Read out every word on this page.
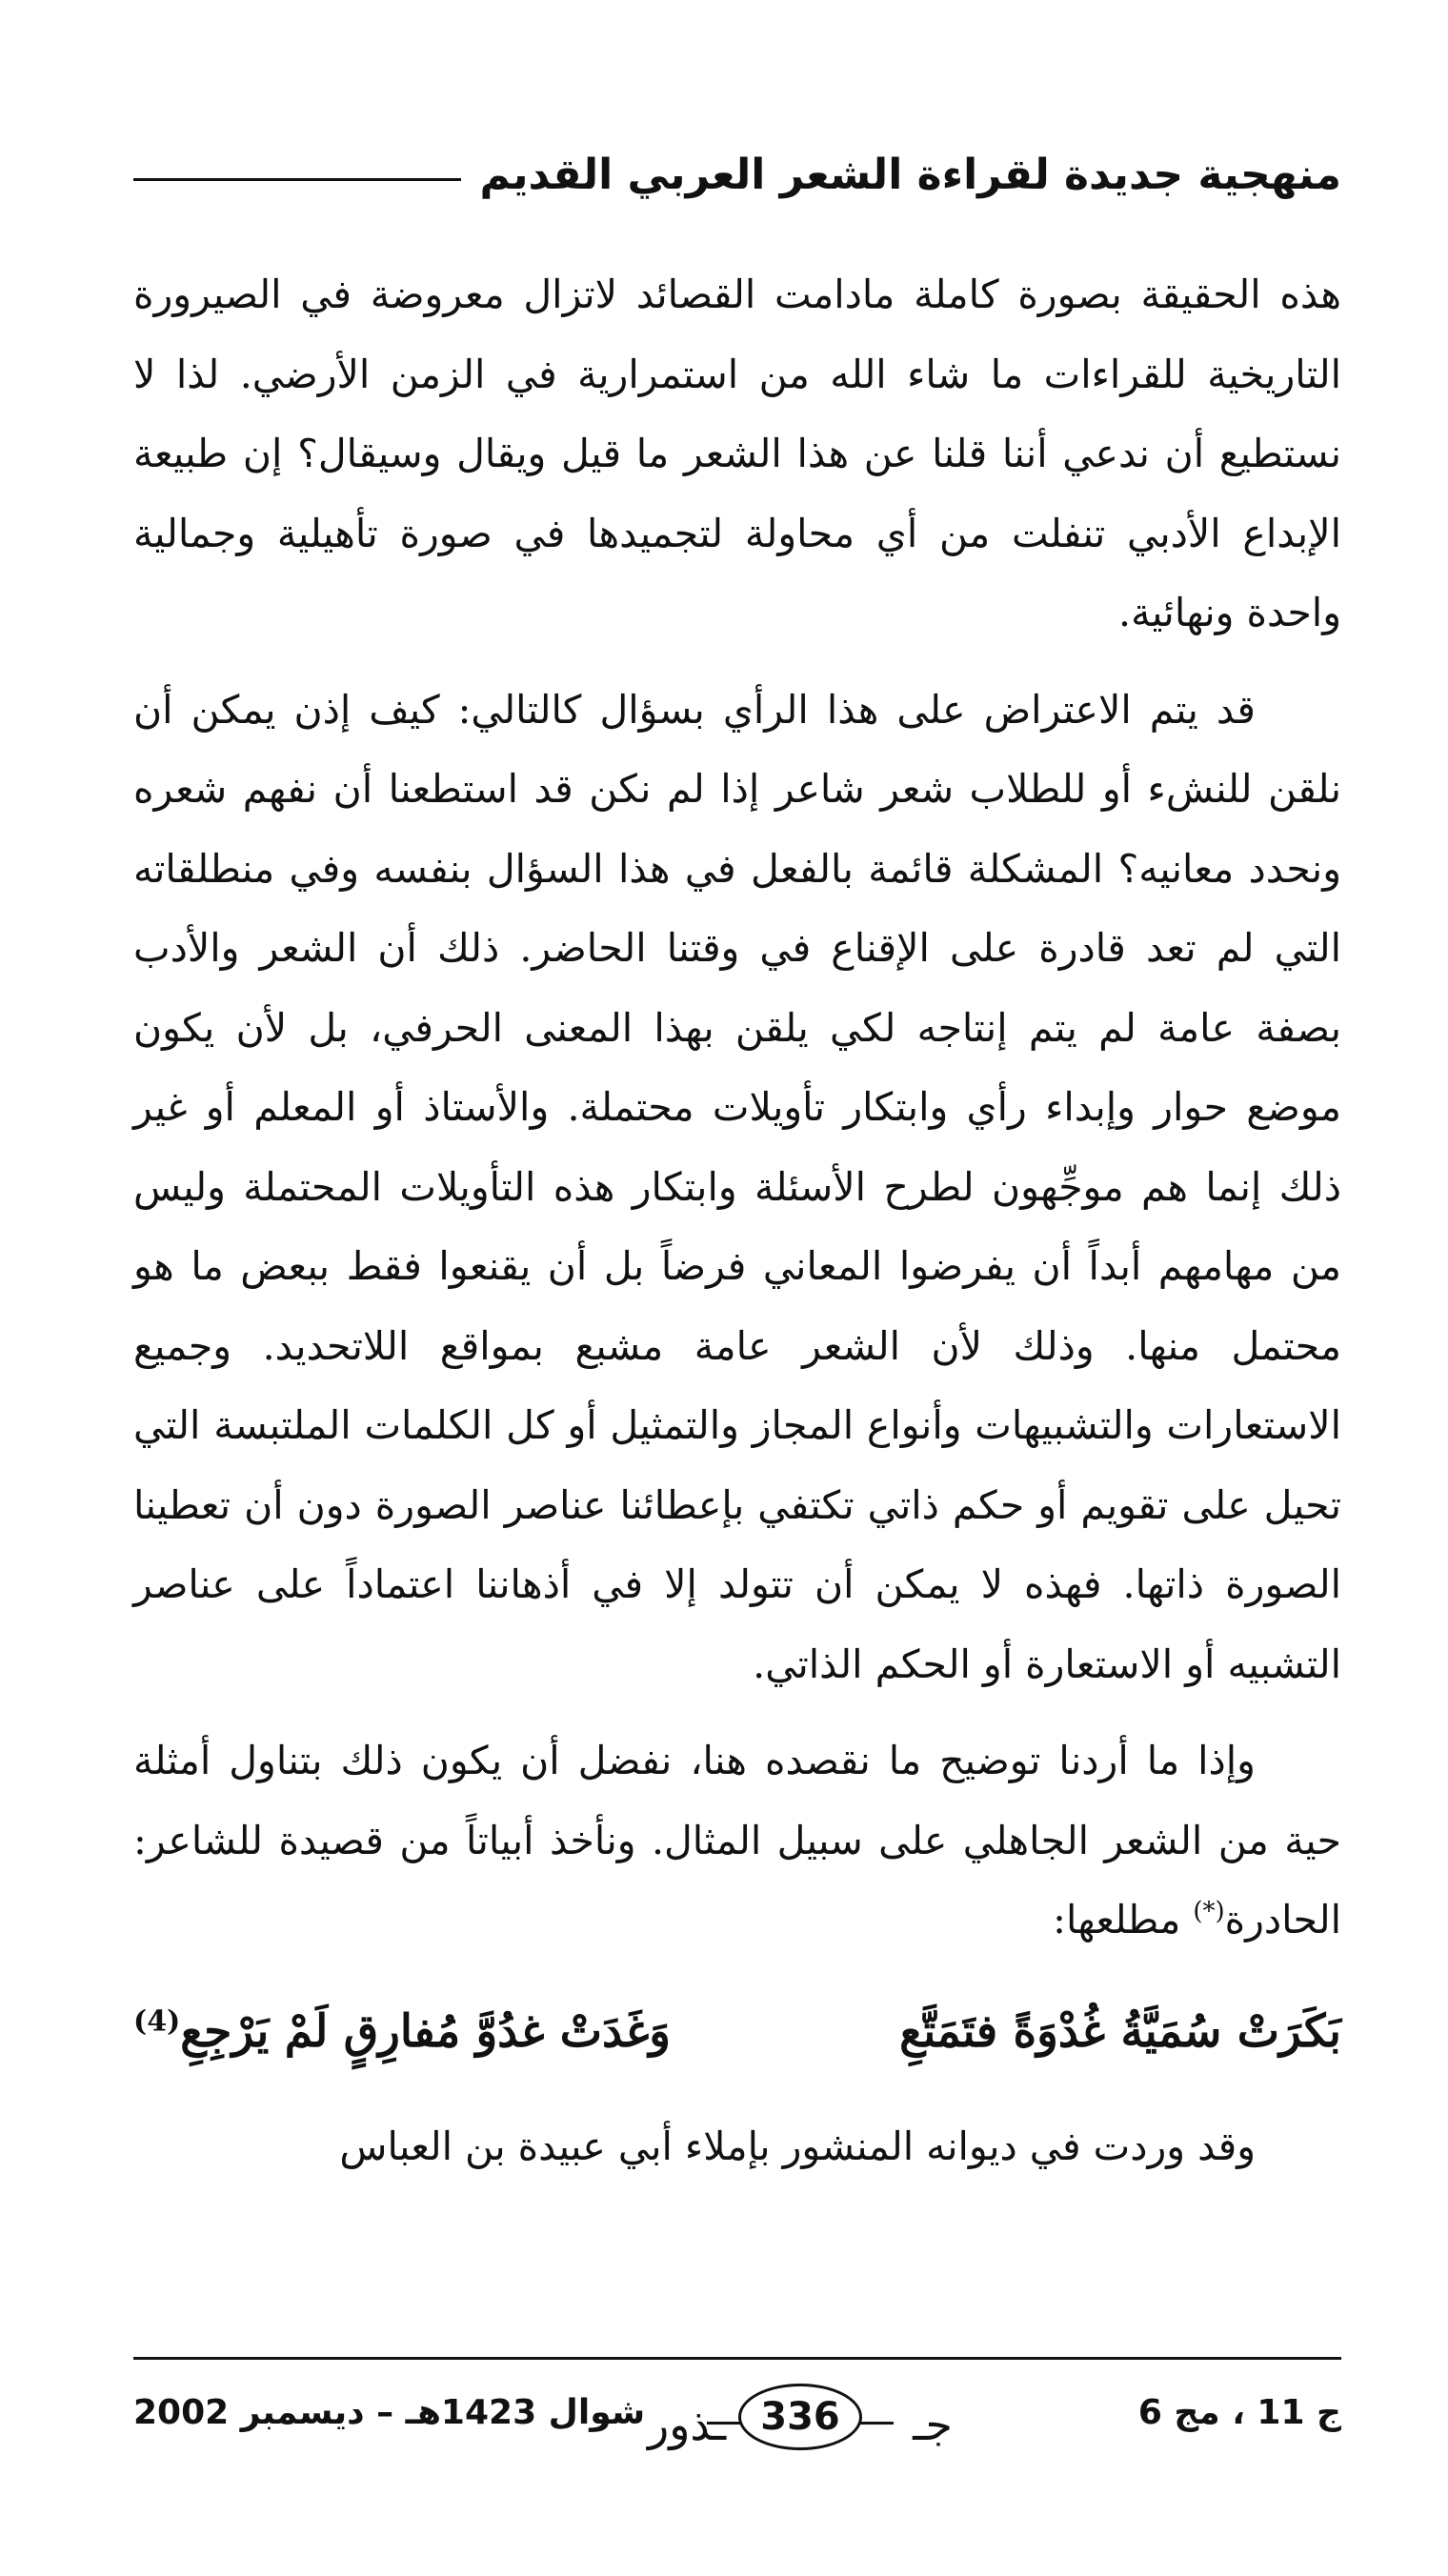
منهجية جديدة لقراءة الشعر العربي القديم

هذه الحقيقة بصورة كاملة مادامت القصائد لاتزال معروضة في الصيرورة التاريخية للقراءات ما شاء الله من استمرارية في الزمن الأرضي. لذا لا نستطيع أن ندعي أننا قلنا عن هذا الشعر ما قيل ويقال وسيقال؟ إن طبيعة الإبداع الأدبي تنفلت من أي محاولة لتجميدها في صورة تأهيلية وجمالية واحدة ونهائية.

قد يتم الاعتراض على هذا الرأي بسؤال كالتالي: كيف إذن يمكن أن نلقن للنشء أو للطلاب شعر شاعر إذا لم نكن قد استطعنا أن نفهم شعره ونحدد معانيه؟ المشكلة قائمة بالفعل في هذا السؤال بنفسه وفي منطلقاته التي لم تعد قادرة على الإقناع في وقتنا الحاضر. ذلك أن الشعر والأدب بصفة عامة لم يتم إنتاجه لكي يلقن بهذا المعنى الحرفي، بل لأن يكون موضع حوار وإبداء رأي وابتكار تأويلات محتملة. والأستاذ أو المعلم أو غير ذلك إنما هم موجِّهون لطرح الأسئلة وابتكار هذه التأويلات المحتملة وليس من مهامهم أبداً أن يفرضوا المعاني فرضاً بل أن يقنعوا فقط ببعض ما هو محتمل منها. وذلك لأن الشعر عامة مشبع بمواقع اللاتحديد. وجميع الاستعارات والتشبيهات وأنواع المجاز والتمثيل أو كل الكلمات الملتبسة التي تحيل على تقويم أو حكم ذاتي تكتفي بإعطائنا عناصر الصورة دون أن تعطينا الصورة ذاتها. فهذه لا يمكن أن تتولد إلا في أذهاننا اعتماداً على عناصر التشبيه أو الاستعارة أو الحكم الذاتي.

وإذا ما أردنا توضيح ما نقصده هنا، نفضل أن يكون ذلك بتناول أمثلة حية من الشعر الجاهلي على سبيل المثال. ونأخذ أبياتاً من قصيدة للشاعر: الحادرة(*) مطلعها:

بَكَرَتْ سُمَيَّةُ غُدْوَةً فتَمَتَّعِ
وَغَدَتْ غدُوَّ مُفارِقٍ لَمْ يَرْجِعِ$^{(4)}$

وقد وردت في ديوانه المنشور بإملاء أبي عبيدة بن العباس

ج 11 ، مج 6
جـ
336
ـذور
شوال 1423هـ – ديسمبر 2002
